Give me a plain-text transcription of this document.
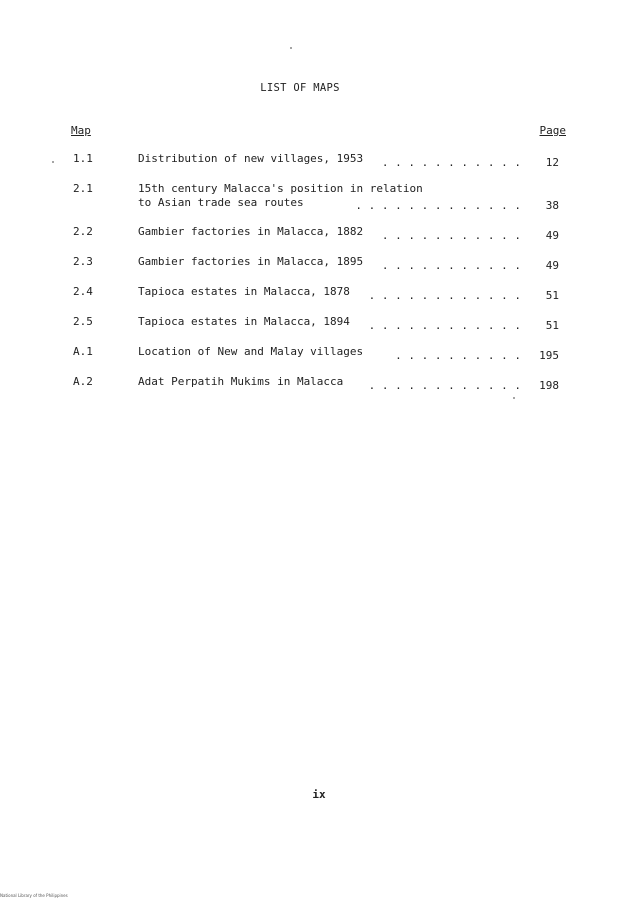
LIST OF MAPS
Map	Page
1.1	Distribution of new villages, 1953	. . . . . . . . . . .	12
2.1	15th century Malacca's position in relation
to Asian trade sea routes	. . . . . . . . . . . . .	38
2.2	Gambier factories in Malacca, 1882	. . . . . . . . . . .	49
2.3	Gambier factories in Malacca, 1895	. . . . . . . . . . .	49
2.4	Tapioca estates in Malacca, 1878	. . . . . . . . . . . .	51
2.5	Tapioca estates in Malacca, 1894	. . . . . . . . . . . .	51
A.1	Location of New and Malay villages	. . . . . . . . . .	195
A.2	Adat Perpatih Mukims in Malacca	. . . . . . . . . . . .	198
ix
National Library of the Philippines
